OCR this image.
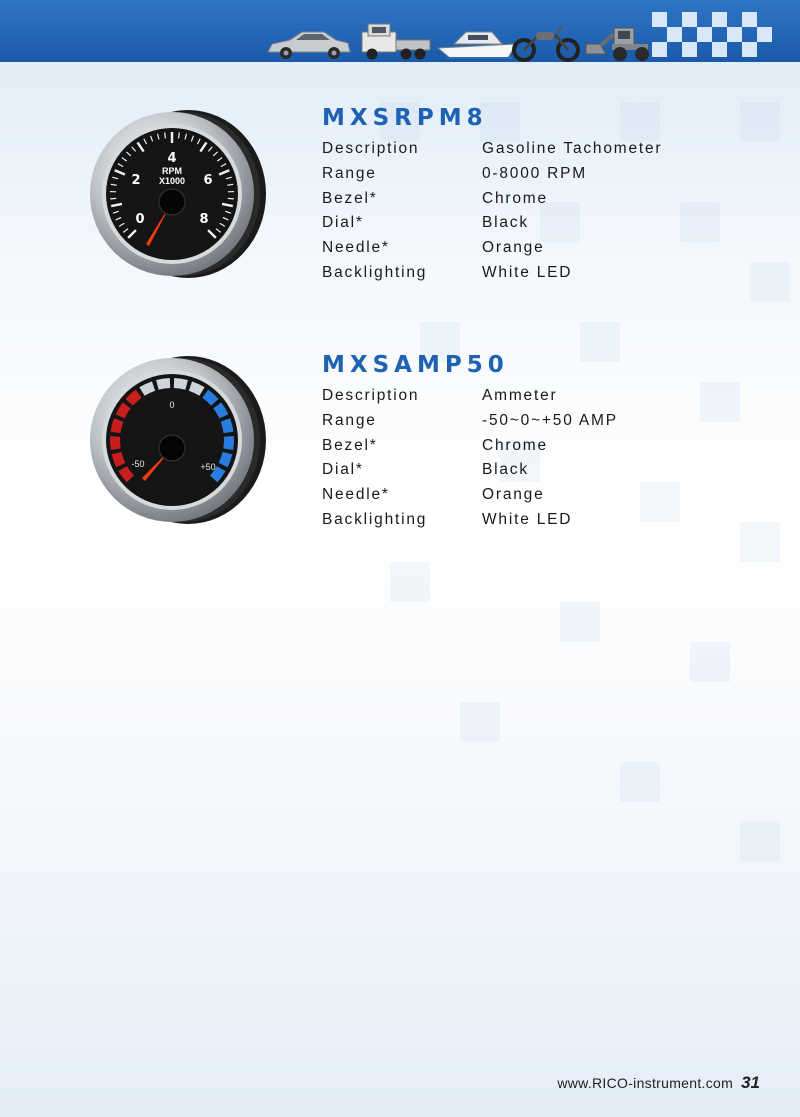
4
2	6
0	8
RPM
X1000
0
-50	+50
MXSRPM8
Description	Gasoline Tachometer
Range	0-8000 RPM
Bezel*	Chrome
Dial*	Black
Needle*	Orange
Backlighting	White LED
MXSAMP50
Description	Ammeter
Range	-50~0~+50 AMP
Bezel*	Chrome
Dial*	Black
Needle*	Orange
Backlighting	White LED
www.RICO-instrument.com 31
